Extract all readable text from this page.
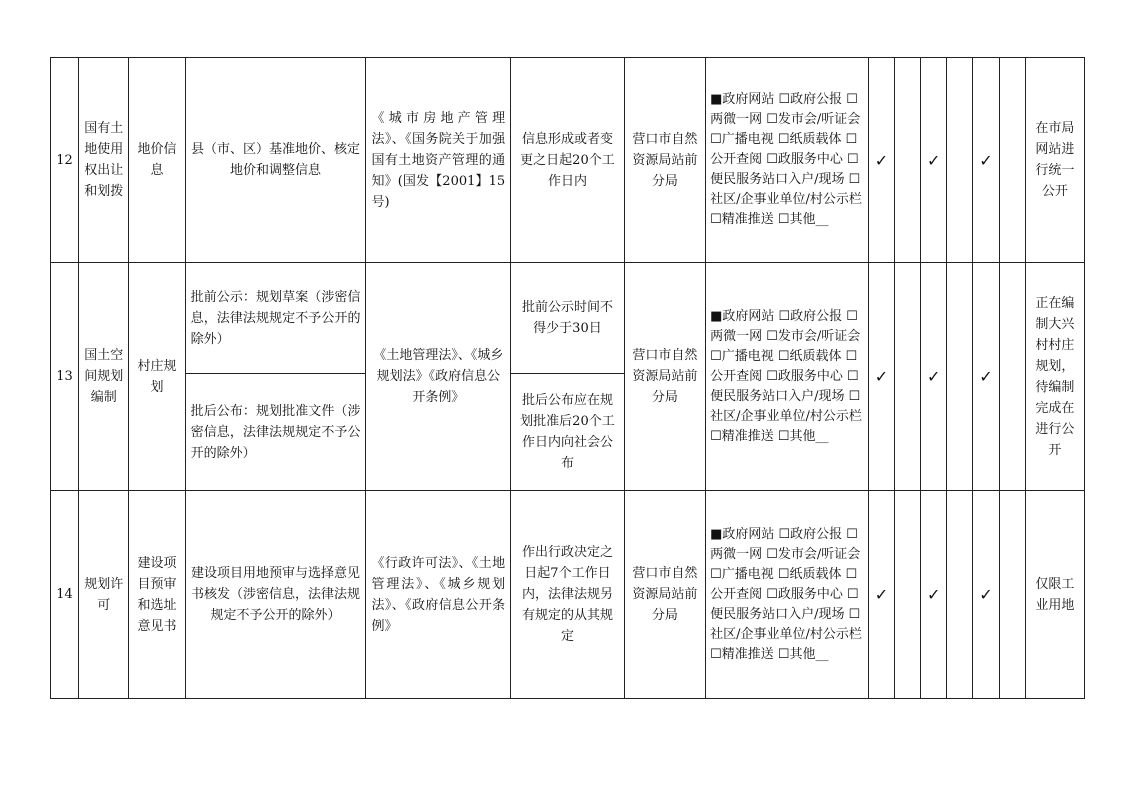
12	国有土地使用权出让和划拨	地价信息	县（市、区）基准地价、核定地价和调整信息	《城市房地产管理法》、《国务院关于加强国有土地资产管理的通知》(国发【2001】15号)	信息形成或者变更之日起20个工作日内	营口市自然资源局站前分局	■政府网站 ☐政府公报 ☐两微一网 ☐发市会/听证会 ☐广播电视 ☐纸质载体 ☐公开查阅 ☐政服务中心 ☐便民服务站口入户/现场 ☐社区/企事业单位/村公示栏 ☐精准推送 ☐其他__	✓		✓		✓		在市局网站进行统一公开
13	国土空间规划编制	村庄规划	批前公示：规划草案（涉密信息，法律法规规定不予公开的除外）	《土地管理法》、《城乡规划法》《政府信息公开条例》	批前公示时间不得少于30日	营口市自然资源局站前分局	■政府网站 ☐政府公报 ☐两微一网 ☐发市会/听证会 ☐广播电视 ☐纸质载体 ☐公开查阅 ☐政服务中心 ☐便民服务站口入户/现场 ☐社区/企事业单位/村公示栏 ☐精准推送 ☐其他__	✓		✓		✓		正在编制大兴村村庄规划，待编制完成在进行公开
			批后公布：规划批准文件（涉密信息，法律法规规定不予公开的除外）		批后公布应在规划批准后20个工作日内向社会公布									
14	规划许可	建设项目预审和选址意见书	建设项目用地预审与选择意见书核发（涉密信息，法律法规规定不予公开的除外）	《行政许可法》、《土地管理法》、《城乡规划法》、《政府信息公开条例》	作出行政决定之日起7个工作日内，法律法规另有规定的从其规定	营口市自然资源局站前分局	■政府网站 ☐政府公报 ☐两微一网 ☐发市会/听证会 ☐广播电视 ☐纸质载体 ☐公开查阅 ☐政服务中心 ☐便民服务站口入户/现场 ☐社区/企事业单位/村公示栏 ☐精准推送 ☐其他__	✓		✓		✓		仅限工业用地
